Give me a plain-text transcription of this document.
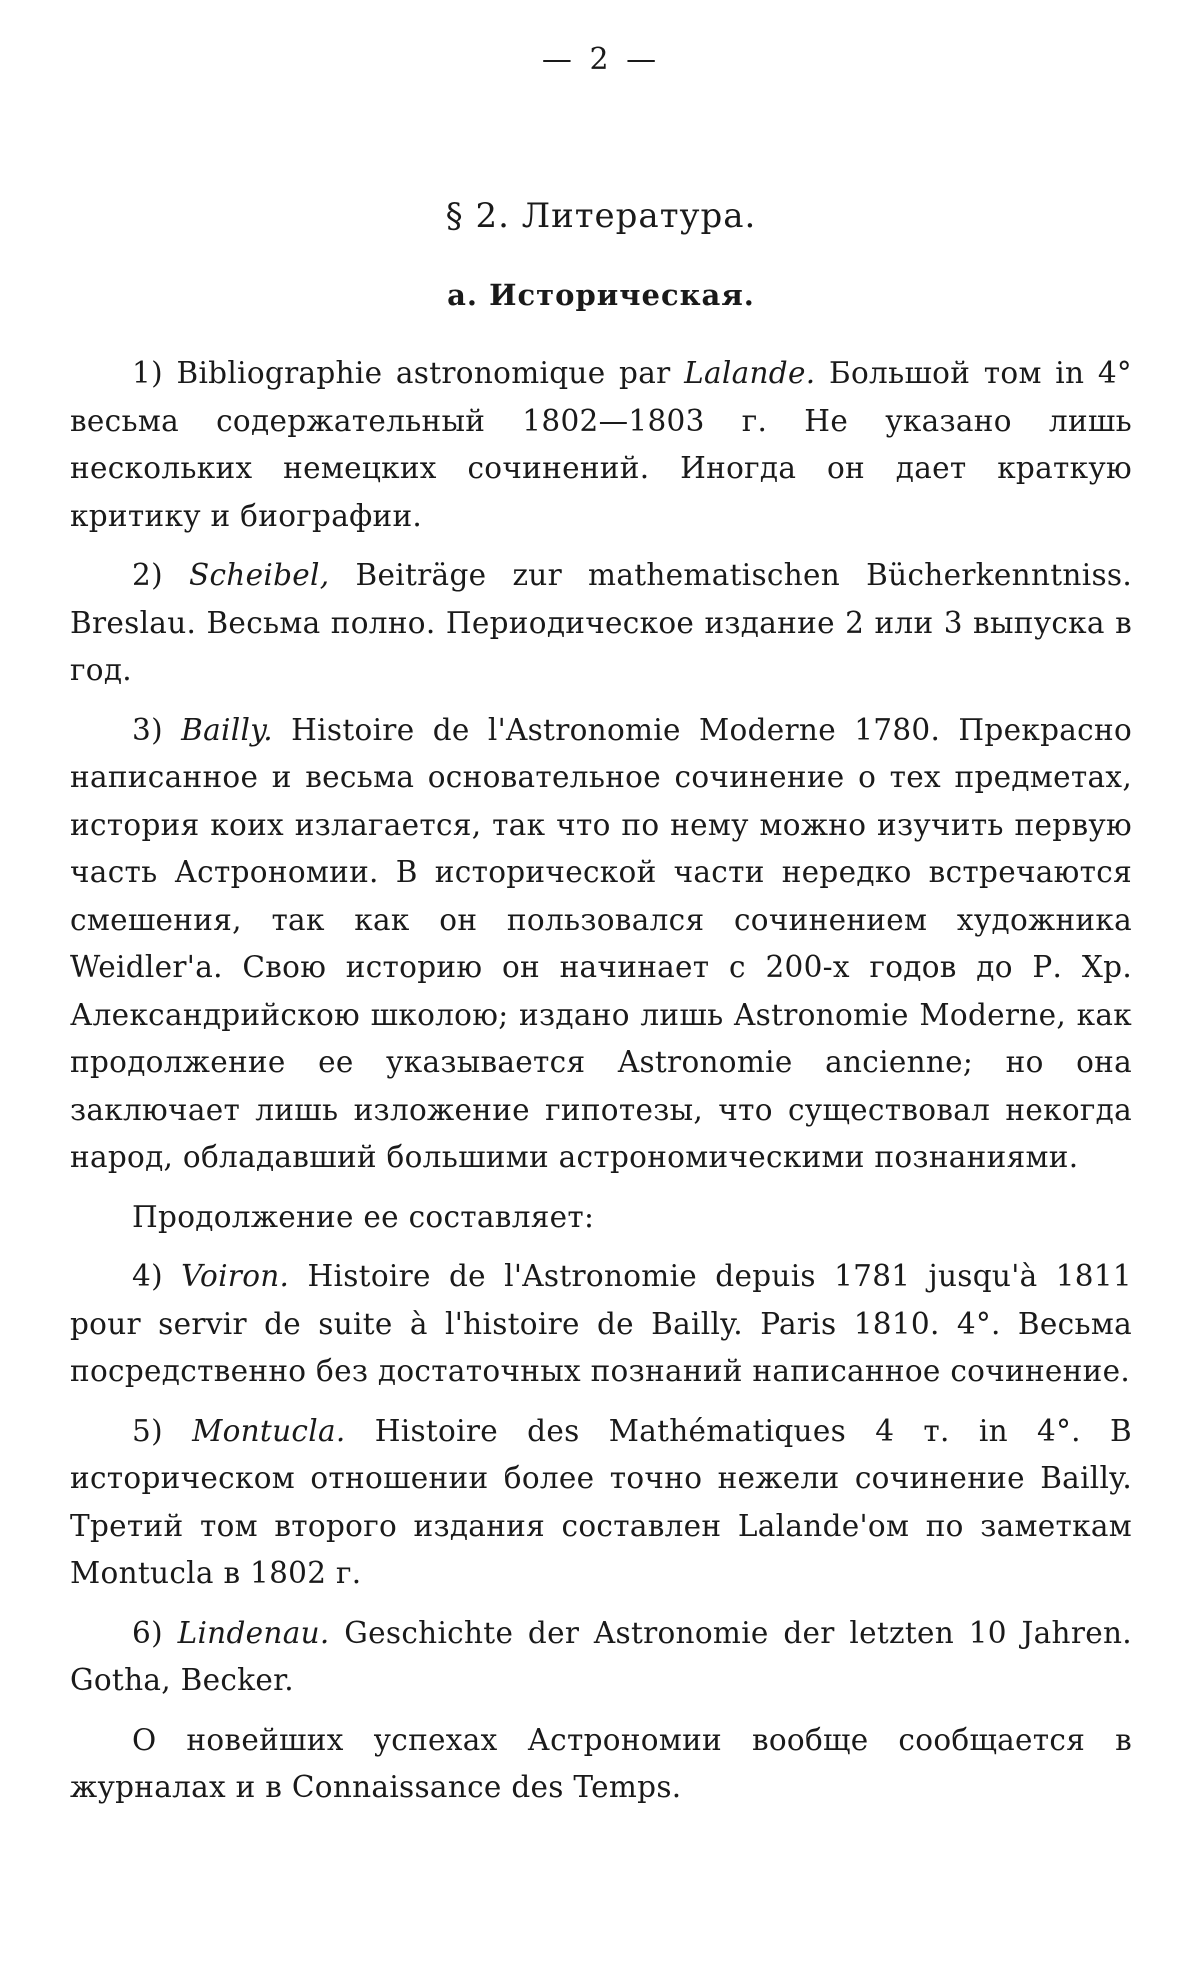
— 2 —
§ 2. Литература.
а. Историческая.

1) Bibliographie astronomique par Lalande. Большой том in 4° весьма содержательный 1802—1803 г. Не указано лишь нескольких немецких сочинений. Иногда он дает краткую критику и биографии.

2) Scheibel, Beiträge zur mathematischen Bücherkenntniss. Breslau. Весьма полно. Периодическое издание 2 или 3 выпуска в год.

3) Bailly. Histoire de l'Astronomie Moderne 1780. Прекрасно написанное и весьма основательное сочинение о тех предметах, история коих излагается, так что по нему можно изучить первую часть Астрономии. В исторической части нередко встречаются смешения, так как он пользовался сочинением художника Weidler'a. Свою историю он начинает с 200-х годов до Р. Хр. Александрийскою школою; издано лишь Astronomie Moderne, как продолжение ее указывается Astronomie ancienne; но она заключает лишь изложение гипотезы, что существовал некогда народ, обладавший большими астрономическими познаниями.

Продолжение ее составляет:

4) Voiron. Histoire de l'Astronomie depuis 1781 jusqu'à 1811 pour servir de suite à l'histoire de Bailly. Paris 1810. 4°. Весьма посредственно без достаточных познаний написанное сочинение.

5) Montucla. Histoire des Mathématiques 4 т. in 4°. В историческом отношении более точно нежели сочинение Bailly. Третий том второго издания составлен Lalande'ом по заметкам Montucla в 1802 г.

6) Lindenau. Geschichte der Astronomie der letzten 10 Jahren. Gotha, Becker.

О новейших успехах Астрономии вообще сообщается в журналах и в Connaissance des Temps.
